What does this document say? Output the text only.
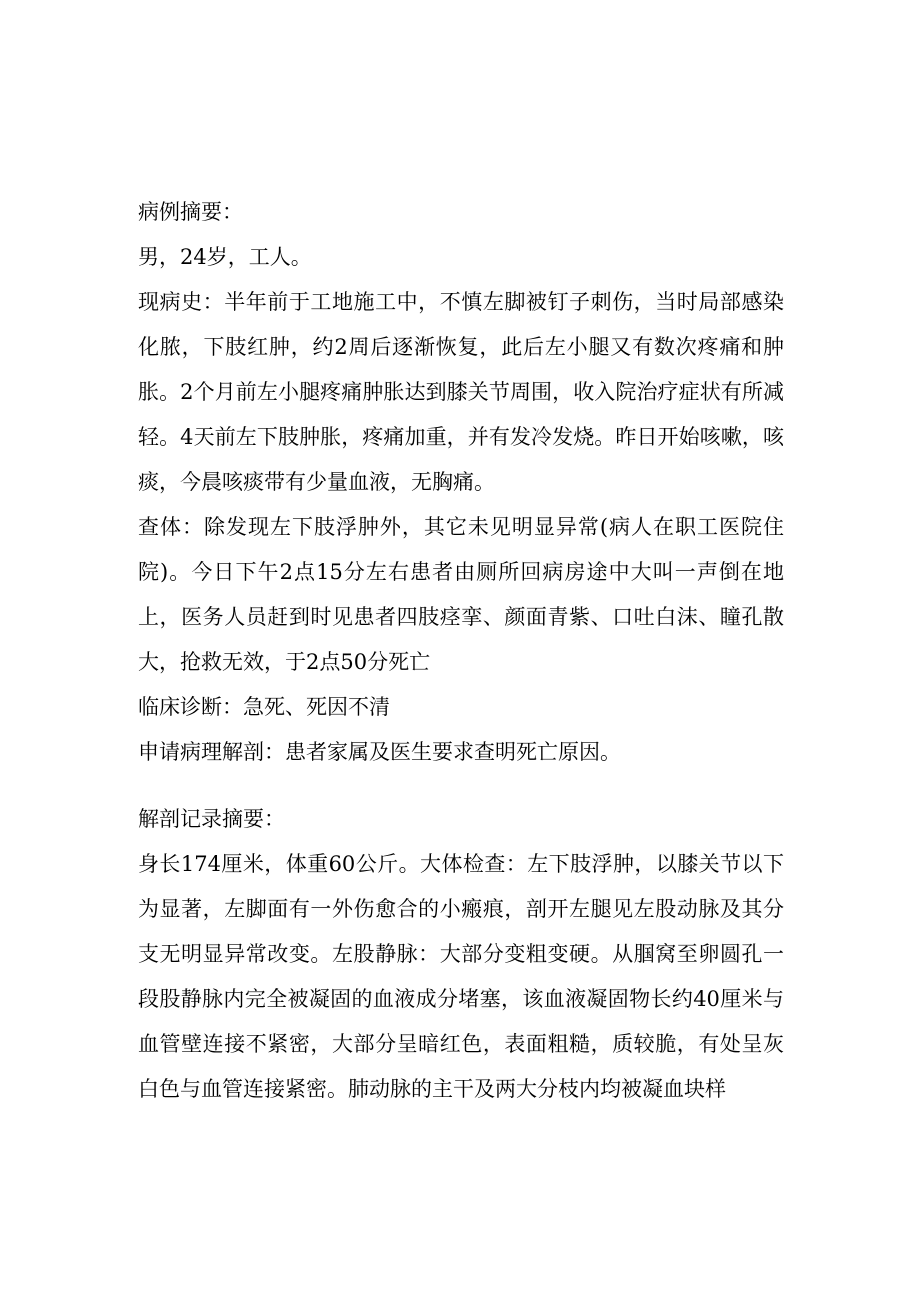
病例摘要：

男，24岁，工人。

现病史：半年前于工地施工中，不慎左脚被钉子刺伤，当时局部感染化脓，下肢红肿，约2周后逐渐恢复，此后左小腿又有数次疼痛和肿胀。2个月前左小腿疼痛肿胀达到膝关节周围，收入院治疗症状有所减轻。4天前左下肢肿胀，疼痛加重，并有发冷发烧。昨日开始咳嗽，咳痰，今晨咳痰带有少量血液，无胸痛。

查体：除发现左下肢浮肿外，其它未见明显异常(病人在职工医院住院)。今日下午2点15分左右患者由厕所回病房途中大叫一声倒在地上，医务人员赶到时见患者四肢痉挛、颜面青紫、口吐白沫、瞳孔散大，抢救无效，于2点50分死亡

临床诊断：急死、死因不清

申请病理解剖：患者家属及医生要求查明死亡原因。

解剖记录摘要：

身长174厘米，体重60公斤。大体检查：左下肢浮肿，以膝关节以下为显著，左脚面有一外伤愈合的小瘢痕，剖开左腿见左股动脉及其分支无明显异常改变。左股静脉：大部分变粗变硬。从腘窝至卵圆孔一段股静脉内完全被凝固的血液成分堵塞，该血液凝固物长约40厘米与血管壁连接不紧密，大部分呈暗红色，表面粗糙，质较脆，有处呈灰白色与血管连接紧密。肺动脉的主干及两大分枝内均被凝血块样
